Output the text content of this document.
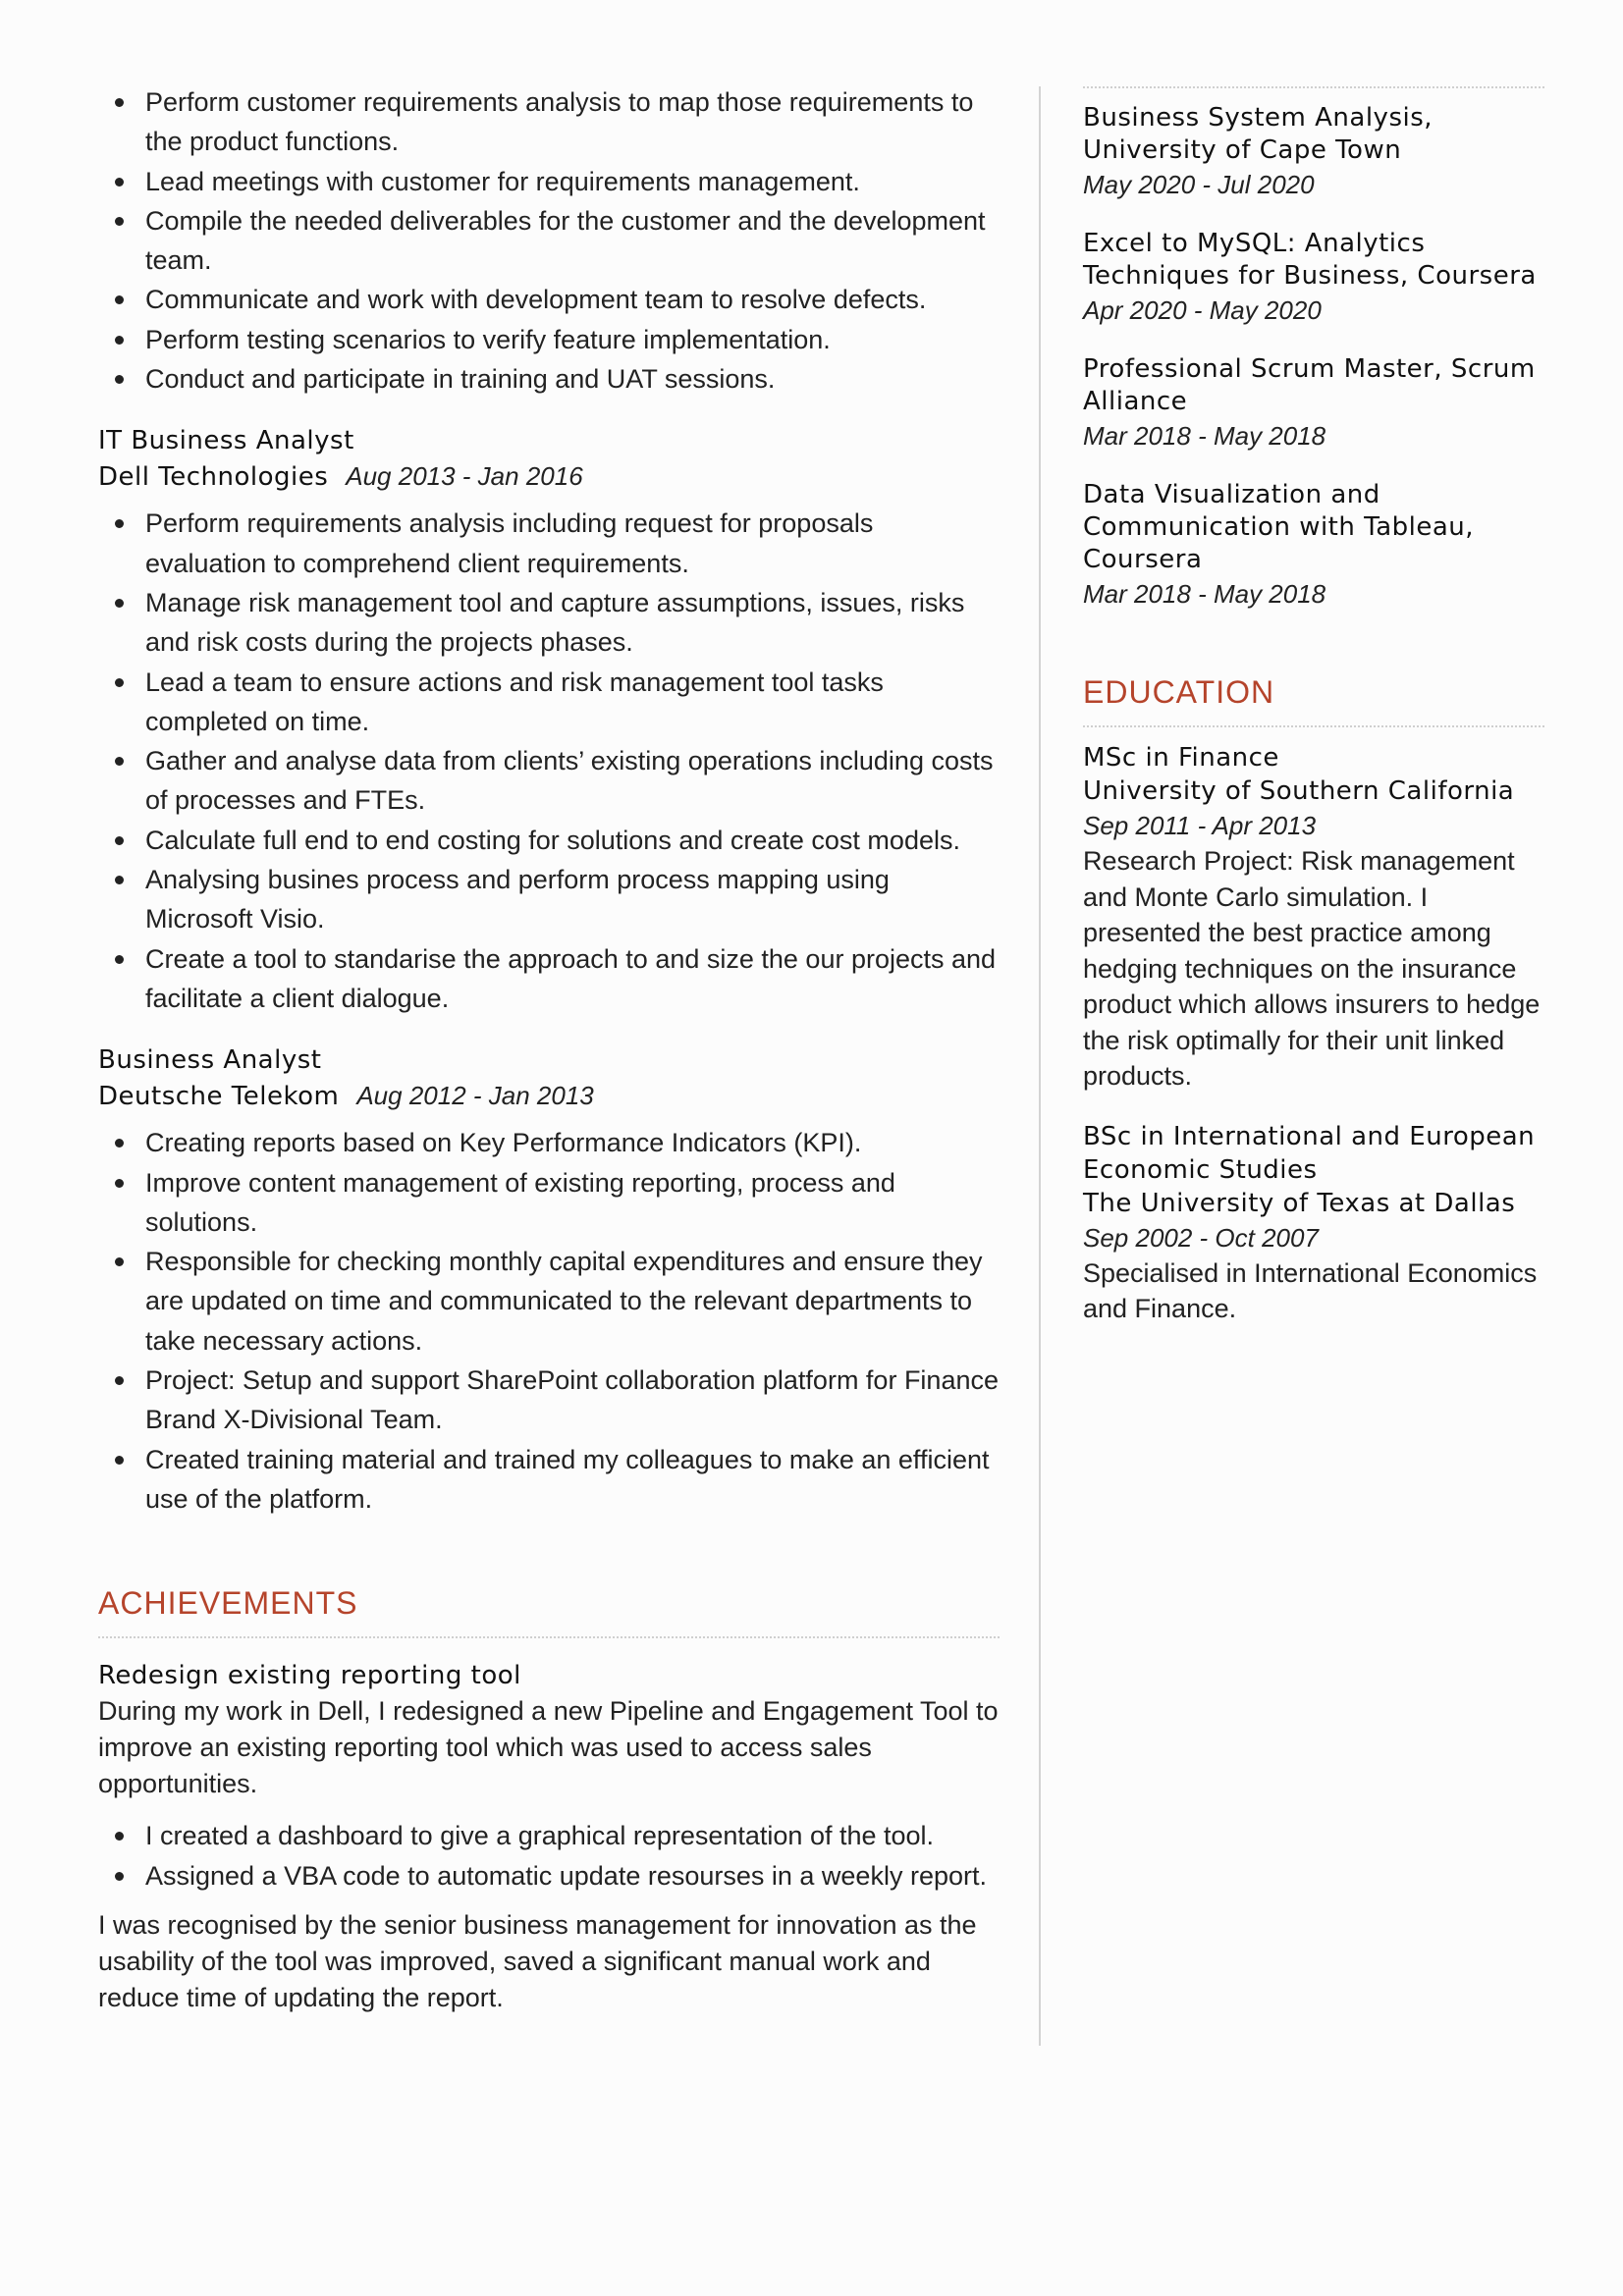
Perform customer requirements analysis to map those requirements to the product functions.
Lead meetings with customer for requirements management.
Compile the needed deliverables for the customer and the development team.
Communicate and work with development team to resolve defects.
Perform testing scenarios to verify feature implementation.
Conduct and participate in training and UAT sessions.
IT Business Analyst
Dell Technologies Aug 2013 - Jan 2016
Perform requirements analysis including request for proposals evaluation to comprehend client requirements.
Manage risk management tool and capture assumptions, issues, risks and risk costs during the projects phases.
Lead a team to ensure actions and risk management tool tasks completed on time.
Gather and analyse data from clients’ existing operations including costs of processes and FTEs.
Calculate full end to end costing for solutions and create cost models.
Analysing busines process and perform process mapping using Microsoft Visio.
Create a tool to standarise the approach to and size the our projects and facilitate a client dialogue.
Business Analyst
Deutsche Telekom Aug 2012 - Jan 2013
Creating reports based on Key Performance Indicators (KPI).
Improve content management of existing reporting, process and solutions.
Responsible for checking monthly capital expenditures and ensure they are updated on time and communicated to the relevant departments to take necessary actions.
Project: Setup and support SharePoint collaboration platform for Finance Brand X-Divisional Team.
Created training material and trained my colleagues to make an efficient use of the platform.
ACHIEVEMENTS
Redesign existing reporting tool
During my work in Dell, I redesigned a new Pipeline and Engagement Tool to improve an existing reporting tool which was used to access sales opportunities.
I created a dashboard to give a graphical representation of the tool.
Assigned a VBA code to automatic update resourses in a weekly report.
I was recognised by the senior business management for innovation as the usability of the tool was improved, saved a significant manual work and reduce time of updating the report.
Business System Analysis, University of Cape Town
May 2020 - Jul 2020
Excel to MySQL: Analytics Techniques for Business, Coursera
Apr 2020 - May 2020
Professional Scrum Master, Scrum Alliance
Mar 2018 - May 2018
Data Visualization and Communication with Tableau, Coursera
Mar 2018 - May 2018
EDUCATION
MSc in Finance
University of Southern California
Sep 2011 - Apr 2013
Research Project: Risk management and Monte Carlo simulation. I presented the best practice among hedging techniques on the insurance product which allows insurers to hedge the risk optimally for their unit linked products.
BSc in International and European Economic Studies
The University of Texas at Dallas
Sep 2002 - Oct 2007
Specialised in International Economics and Finance.
